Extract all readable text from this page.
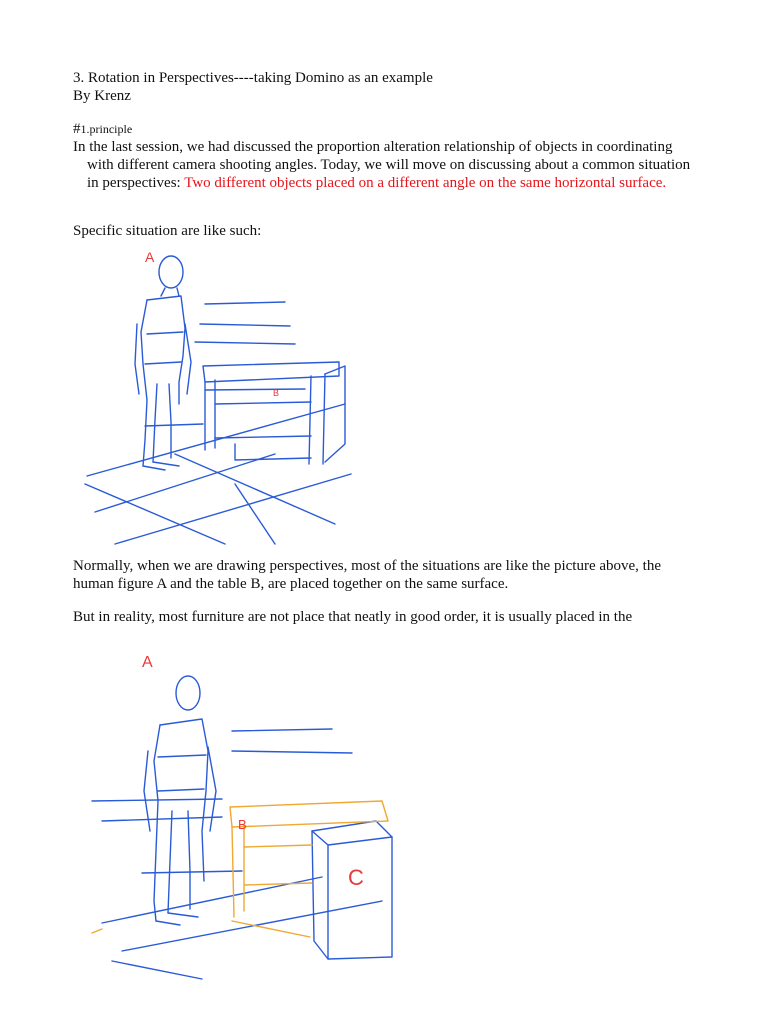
3. Rotation in Perspectives----taking Domino as an example
By Krenz
#1.principle
In the last session, we had discussed the proportion alteration relationship of objects in coordinating
with different camera shooting angles. Today, we will move on discussing about a common situation in perspectives: Two different objects placed on a different angle on the same horizontal surface.
Specific situation are like such:
A
B
Normally, when we are drawing perspectives, most of the situations are like the picture above, the human figure A and the table B, are placed together on the same surface.
But in reality, most furniture are not place that neatly in good order, it is usually placed in the
A
B
C
